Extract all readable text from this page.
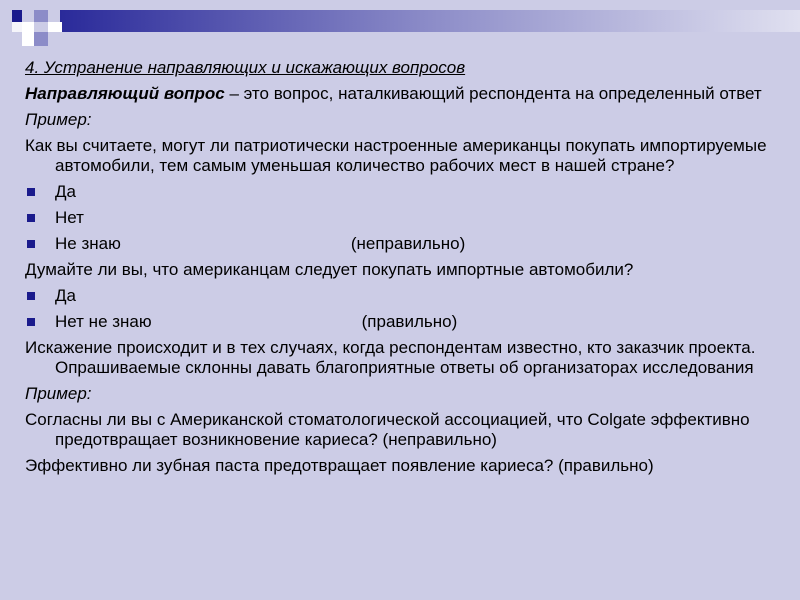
4. Устранение направляющих и искажающих вопросов

Направляющий вопрос – это вопрос, наталкивающий респондента на определенный ответ

Пример:

Как вы считаете, могут ли патриотически настроенные американцы покупать импортируемые автомобили, тем самым уменьшая количество рабочих мест в нашей стране?

Да
Нет
Не знаю	(неправильно)

Думайте ли вы, что американцам следует покупать импортные автомобили?

Да
Нет не знаю	(правильно)

Искажение происходит и в тех случаях, когда респондентам известно, кто заказчик проекта. Опрашиваемые склонны давать благоприятные ответы об организаторах исследования

Пример:

Согласны ли вы с Американской стоматологической ассоциацией, что Colgate эффективно предотвращает возникновение кариеса? (неправильно)

Эффективно ли зубная паста предотвращает появление кариеса? (правильно)
